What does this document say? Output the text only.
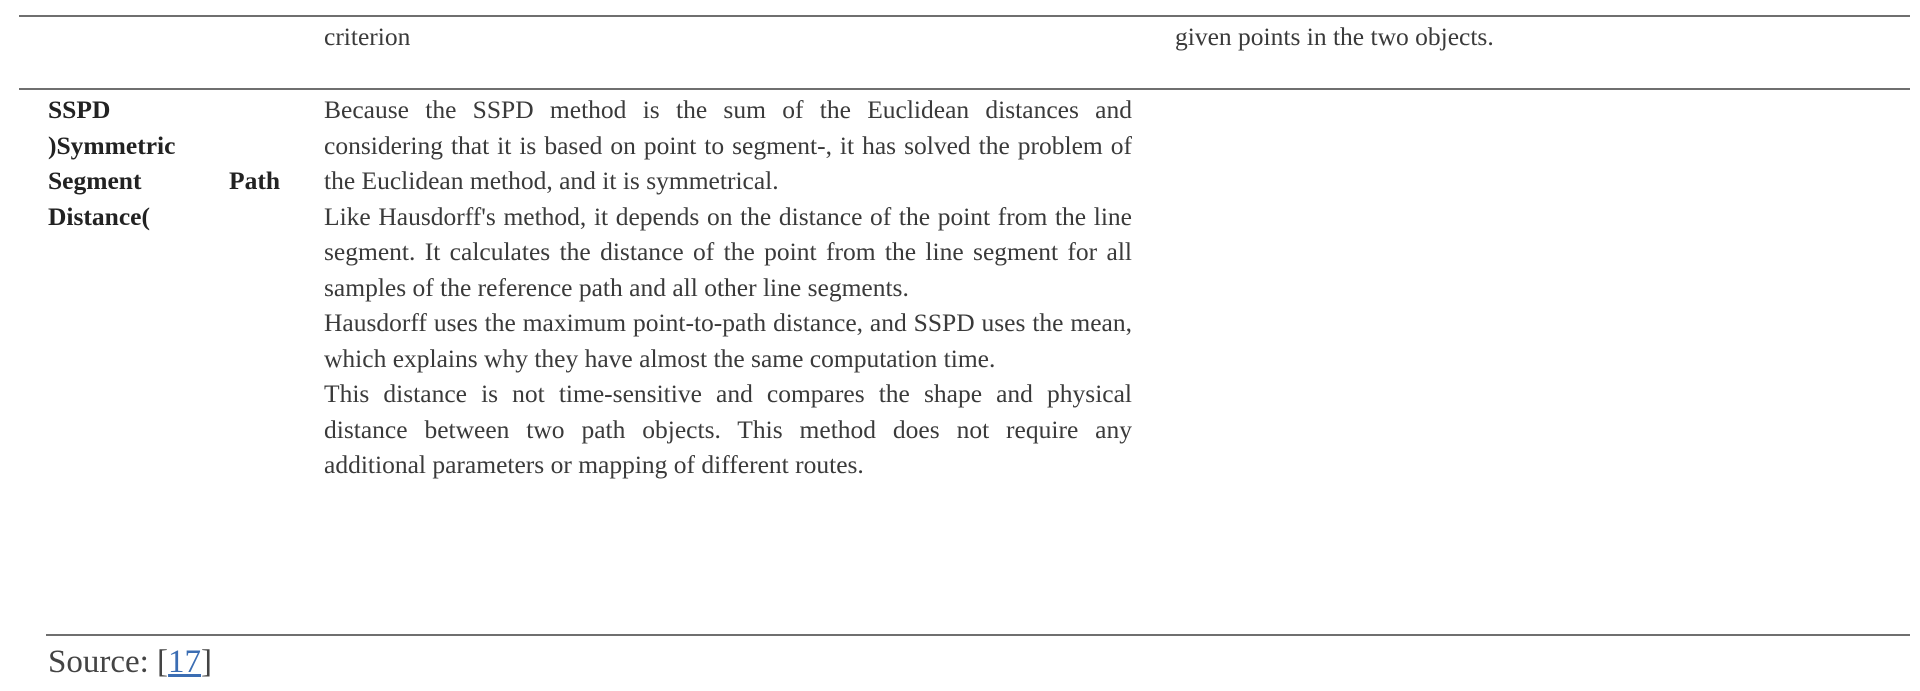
criterion	given points in the two objects.
SSPD
)Symmetric
Segment	Path
Distance(

Because the SSPD method is the sum of the Euclidean distances and considering that it is based on point to segment-, it has solved the problem of the Euclidean method, and it is symmetrical.

Like Hausdorff's method, it depends on the distance of the point from the line segment. It calculates the distance of the point from the line segment for all samples of the reference path and all other line segments.

Hausdorff uses the maximum point-to-path distance, and SSPD uses the mean, which explains why they have almost the same computation time.

This distance is not time-sensitive and compares the shape and physical distance between two path objects. This method does not require any additional parameters or mapping of different routes.

Source: [17]
